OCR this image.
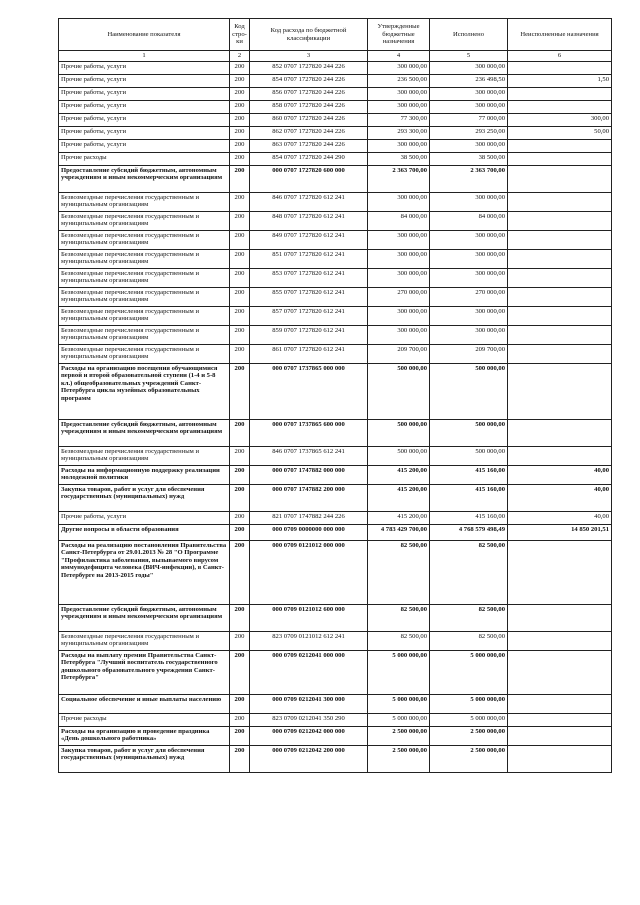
Наименование показателя	Код стро-ки	Код расхода по бюджетной классификации	Утвержденные бюджетные назначения	Исполнено	Неисполненные назначения
1	2	3	4	5	6
Прочие работы, услуги	200	852 0707 1727820 244 226	300 000,00	300 000,00	
Прочие работы, услуги	200	854 0707 1727820 244 226	236 500,00	236 498,50	1,50
Прочие работы, услуги	200	856 0707 1727820 244 226	300 000,00	300 000,00	
Прочие работы, услуги	200	858 0707 1727820 244 226	300 000,00	300 000,00	
Прочие работы, услуги	200	860 0707 1727820 244 226	77 300,00	77 000,00	300,00
Прочие работы, услуги	200	862 0707 1727820 244 226	293 300,00	293 250,00	50,00
Прочие работы, услуги	200	863 0707 1727820 244 226	300 000,00	300 000,00	
Прочие расходы	200	854 0707 1727820 244 290	38 500,00	38 500,00	
Предоставление субсидий бюджетным, автономным учреждениям и иным некоммерческим организациям	200	000 0707 1727820 600 000	2 363 700,00	2 363 700,00	
Безвозмездные перечисления государственным и муниципальным организациям	200	846 0707 1727820 612 241	300 000,00	300 000,00	
Безвозмездные перечисления государственным и муниципальным организациям	200	848 0707 1727820 612 241	84 000,00	84 000,00	
Безвозмездные перечисления государственным и муниципальным организациям	200	849 0707 1727820 612 241	300 000,00	300 000,00	
Безвозмездные перечисления государственным и муниципальным организациям	200	851 0707 1727820 612 241	300 000,00	300 000,00	
Безвозмездные перечисления государственным и муниципальным организациям	200	853 0707 1727820 612 241	300 000,00	300 000,00	
Безвозмездные перечисления государственным и муниципальным организациям	200	855 0707 1727820 612 241	270 000,00	270 000,00	
Безвозмездные перечисления государственным и муниципальным организациям	200	857 0707 1727820 612 241	300 000,00	300 000,00	
Безвозмездные перечисления государственным и муниципальным организациям	200	859 0707 1727820 612 241	300 000,00	300 000,00	
Безвозмездные перечисления государственным и муниципальным организациям	200	861 0707 1727820 612 241	209 700,00	209 700,00	
Расходы на организацию посещения обучающимися первой и второй образовательной ступени (1-4 и 5-8 кл.) общеобразовательных учреждений Санкт-Петербурга цикла музейных образовательных программ	200	000 0707 1737865 000 000	500 000,00	500 000,00	
Предоставление субсидий бюджетным, автономным учреждениям и иным некоммерческим организациям	200	000 0707 1737865 600 000	500 000,00	500 000,00	
Безвозмездные перечисления государственным и муниципальным организациям	200	846 0707 1737865 612 241	500 000,00	500 000,00	
Расходы на информационную поддержку реализации молодежной политики	200	000 0707 1747882 000 000	415 200,00	415 160,00	40,00
Закупка товаров, работ и услуг для обеспечения государственных (муниципальных) нужд	200	000 0707 1747882 200 000	415 200,00	415 160,00	40,00
Прочие работы, услуги	200	821 0707 1747882 244 226	415 200,00	415 160,00	40,00
Другие вопросы в области образования	200	000 0709 0000000 000 000	4 783 429 700,00	4 768 579 498,49	14 850 201,51
Расходы на реализацию постановления Правительства Санкт-Петербурга от 29.01.2013 № 28 "О Программе "Профилактика заболевания, вызываемого вирусом иммунодефицита человека (ВИЧ-инфекции), в Санкт-Петербурге на 2013-2015 годы"	200	000 0709 0121012 000 000	82 500,00	82 500,00	
Предоставление субсидий бюджетным, автономным учреждениям и иным некоммерческим организациям	200	000 0709 0121012 600 000	82 500,00	82 500,00	
Безвозмездные перечисления государственным и муниципальным организациям	200	823 0709 0121012 612 241	82 500,00	82 500,00	
Расходы на выплату премии Правительства Санкт-Петербурга "Лучший воспитатель государственного дошкольного образовательного учреждения Санкт-Петербурга"	200	000 0709 0212041 000 000	5 000 000,00	5 000 000,00	
Социальное обеспечение и иные выплаты населению	200	000 0709 0212041 300 000	5 000 000,00	5 000 000,00	
Прочие расходы	200	823 0709 0212041 350 290	5 000 000,00	5 000 000,00	
Расходы на организацию и проведение праздника «День дошкольного работника»	200	000 0709 0212042 000 000	2 500 000,00	2 500 000,00	
Закупка товаров, работ и услуг для обеспечения государственных (муниципальных) нужд	200	000 0709 0212042 200 000	2 500 000,00	2 500 000,00	
